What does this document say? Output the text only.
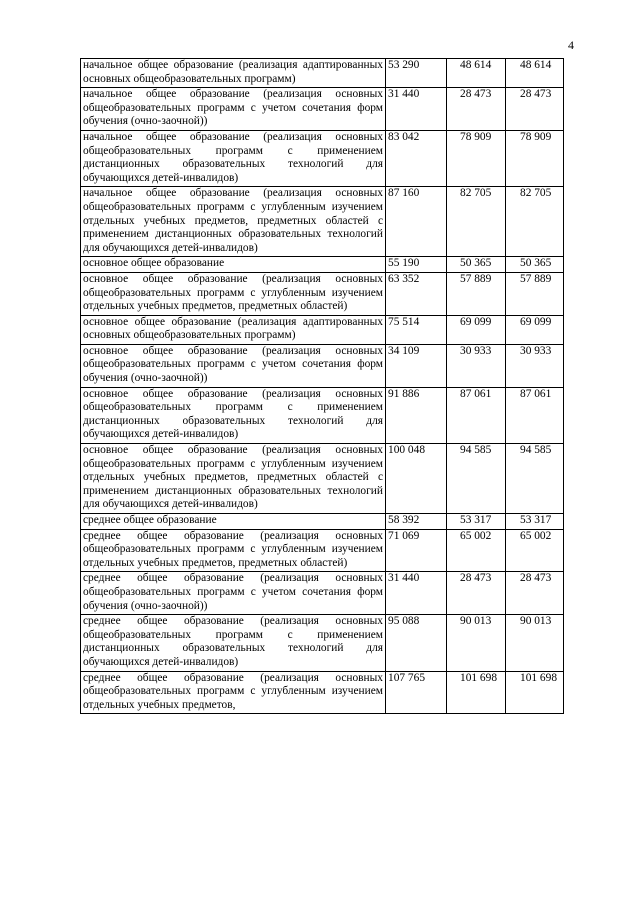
4
начальное общее образование (реализация адаптированных основных общеобразовательных программ)	53 290	48 614	48 614
начальное общее образование (реализация основных общеобразовательных программ с учетом сочетания форм обучения (очно-заочной))	31 440	28 473	28 473
начальное общее образование (реализация основных общеобразовательных программ с применением дистанционных образовательных технологий для обучающихся детей-инвалидов)	83 042	78 909	78 909
начальное общее образование (реализация основных общеобразовательных программ с углубленным изучением отдельных учебных предметов, предметных областей с применением дистанционных образовательных технологий для обучающихся детей-инвалидов)	87 160	82 705	82 705
основное общее образование	55 190	50 365	50 365
основное общее образование (реализация основных общеобразовательных программ с углубленным изучением отдельных учебных предметов, предметных областей)	63 352	57 889	57 889
основное общее образование (реализация адаптированных основных общеобразовательных программ)	75 514	69 099	69 099
основное общее образование (реализация основных общеобразовательных программ с учетом сочетания форм обучения (очно-заочной))	34 109	30 933	30 933
основное общее образование (реализация основных общеобразовательных программ с применением дистанционных образовательных технологий для обучающихся детей-инвалидов)	91 886	87 061	87 061
основное общее образование (реализация основных общеобразовательных программ с углубленным изучением отдельных учебных предметов, предметных областей с применением дистанционных образовательных технологий для обучающихся детей-инвалидов)	100 048	94 585	94 585
среднее общее образование	58 392	53 317	53 317
среднее общее образование (реализация основных общеобразовательных программ с углубленным изучением отдельных учебных предметов, предметных областей)	71 069	65 002	65 002
среднее общее образование (реализация основных общеобразовательных программ с учетом сочетания форм обучения (очно-заочной))	31 440	28 473	28 473
среднее общее образование (реализация основных общеобразовательных программ с применением дистанционных образовательных технологий для обучающихся детей-инвалидов)	95 088	90 013	90 013
среднее общее образование (реализация основных общеобразовательных программ с углубленным изучением отдельных учебных предметов,	107 765	101 698	101 698
